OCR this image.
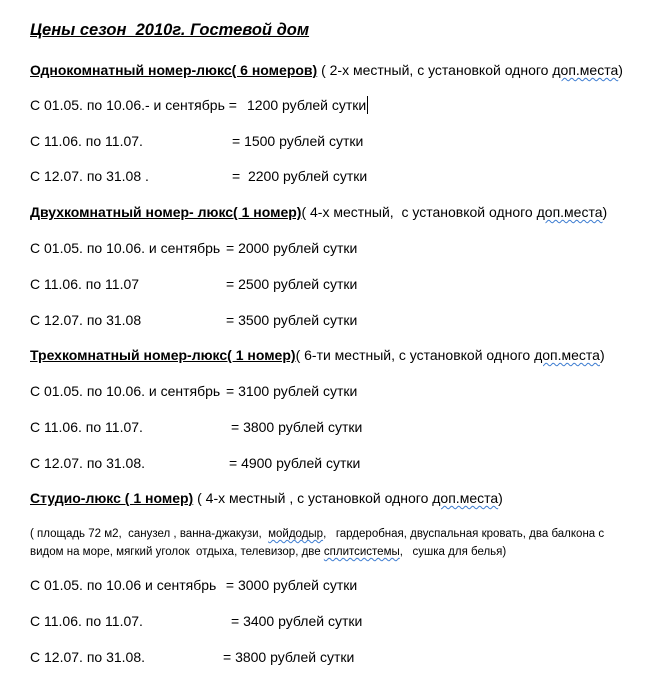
Цены сезон  2010г. Гостевой дом
Однокомнатный номер-люкс( 6 номеров) ( 2-х местный, с установкой одного доп.места)
С 01.05. по 10.06.- и сентябрь = 1200 рублей сутки
С 11.06. по 11.07.	= 1500 рублей сутки
С 12.07. по 31.08 .	=  2200 рублей сутки
Двухкомнатный номер- люкс( 1 номер)( 4-х местный,  с установкой одного доп.места)
С 01.05. по 10.06. и сентябрь = 2000 рублей сутки
С 11.06. по 11.07	= 2500 рублей сутки
С 12.07. по 31.08	= 3500 рублей сутки
Трехкомнатный номер-люкс( 1 номер)( 6-ти местный, с установкой одного доп.места)
С 01.05. по 10.06. и сентябрь = 3100 рублей сутки
С 11.06. по 11.07.	= 3800 рублей сутки
С 12.07. по 31.08.	= 4900 рублей сутки
Студио-люкс ( 1 номер) ( 4-х местный , с установкой одного доп.места)
( площадь 72 м2,  санузел , ванна-джакузи,  мойдодыр,   гардеробная, двуспальная кровать, два балкона с
видом на море, мягкий уголок  отдыха, телевизор, две сплитсистемы,   сушка для белья)
С 01.05. по 10.06 и сентябрь = 3000 рублей сутки
С 11.06. по 11.07.	= 3400 рублей сутки
С 12.07. по 31.08.	= 3800 рублей сутки
